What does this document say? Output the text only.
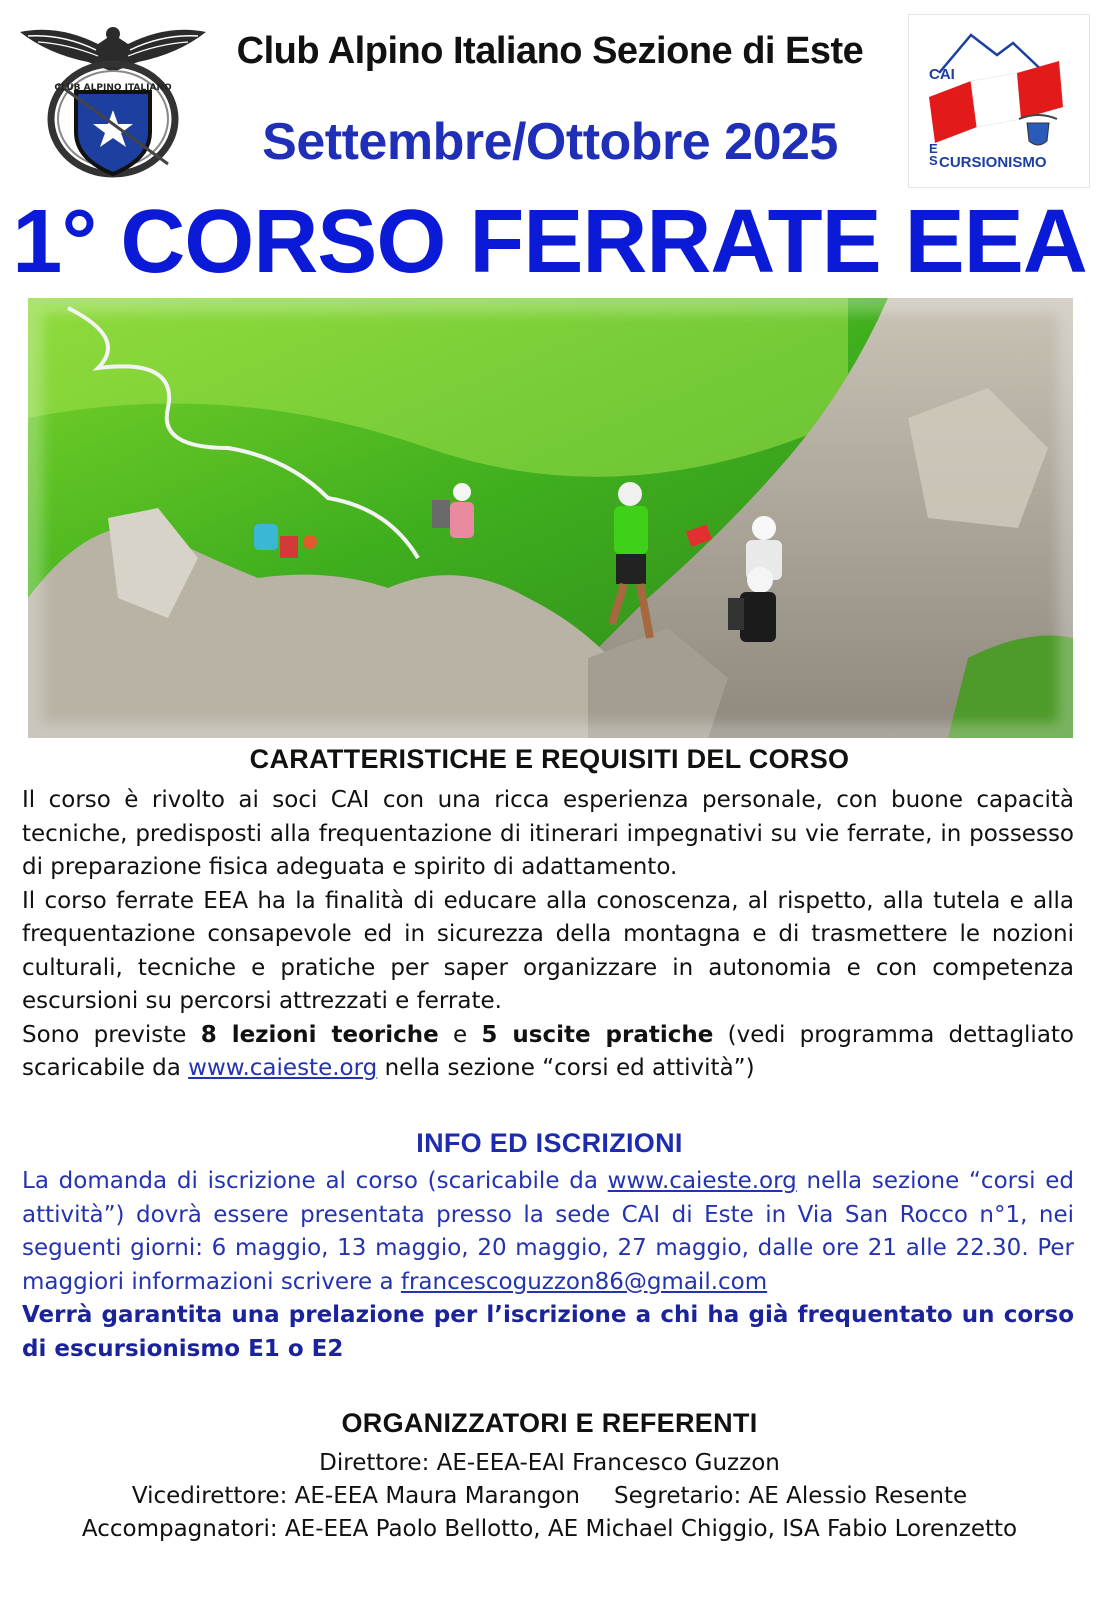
CLUB ALPINO ITALIANO
Club Alpino Italiano Sezione di Este
Settembre/Ottobre 2025
CAI
E
S CURSIONISMO
1° CORSO FERRATE EEA
CARATTERISTICHE E REQUISITI DEL CORSO

Il corso è rivolto ai soci CAI con una ricca esperienza personale, con buone capacità tecniche, predisposti alla frequentazione di itinerari impegnativi su vie ferrate, in possesso di preparazione fisica adeguata e spirito di adattamento.

Il corso ferrate EEA ha la finalità di educare alla conoscenza, al rispetto, alla tutela e alla frequentazione consapevole ed in sicurezza della montagna e di trasmettere le nozioni culturali, tecniche e pratiche per saper organizzare in autonomia e con competenza escursioni su percorsi attrezzati e ferrate.

Sono previste 8 lezioni teoriche e 5 uscite pratiche (vedi programma dettagliato scaricabile da www.caieste.org nella sezione “corsi ed attività”)

INFO ED ISCRIZIONI

La domanda di iscrizione al corso (scaricabile da www.caieste.org nella sezione “corsi ed attività”) dovrà essere presentata presso la sede CAI di Este in Via San Rocco n°1, nei seguenti giorni: 6 maggio, 13 maggio, 20 maggio, 27 maggio, dalle ore 21 alle 22.30. Per maggiori informazioni scrivere a francescoguzzon86@gmail.com

Verrà garantita una prelazione per l’iscrizione a chi ha già frequentato un corso di escursionismo E1 o E2

ORGANIZZATORI E REFERENTI
Direttore: AE-EEA-EAI Francesco Guzzon
Vicedirettore: AE-EEA Maura Marangon Segretario: AE Alessio Resente
Accompagnatori: AE-EEA Paolo Bellotto, AE Michael Chiggio, ISA Fabio Lorenzetto
